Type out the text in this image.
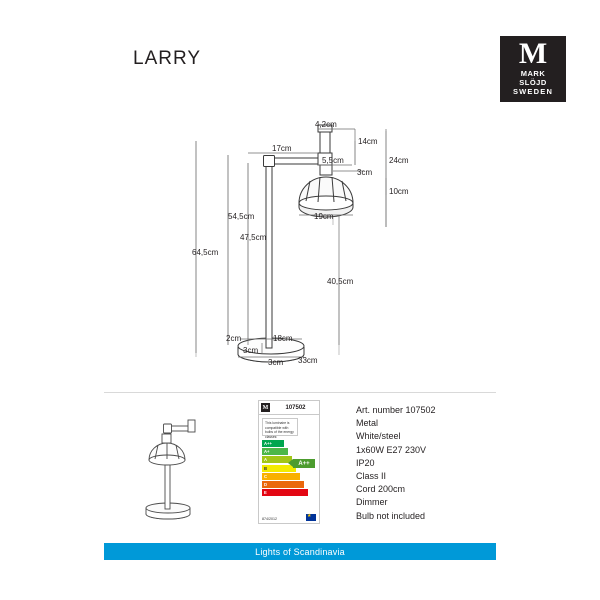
LARRY	M
MARK
SLÖJD
SWEDEN
4,2cm
14cm
24cm
17cm
5,5cm
3cm
10cm
19cm
54,5cm
47,5cm
64,5cm
40,5cm
2cm	18cm
3cm
3cm 33cm
M	107502
This luminaire is compatible with bulbs of the energy classes:
A++
A+
A
B
C
D
E
A++
874/2012
★
Art. number 107502
Metal
White/steel
1x60W E27 230V
IP20
Class II
Cord 200cm
Dimmer
Bulb not included
Lights of Scandinavia
